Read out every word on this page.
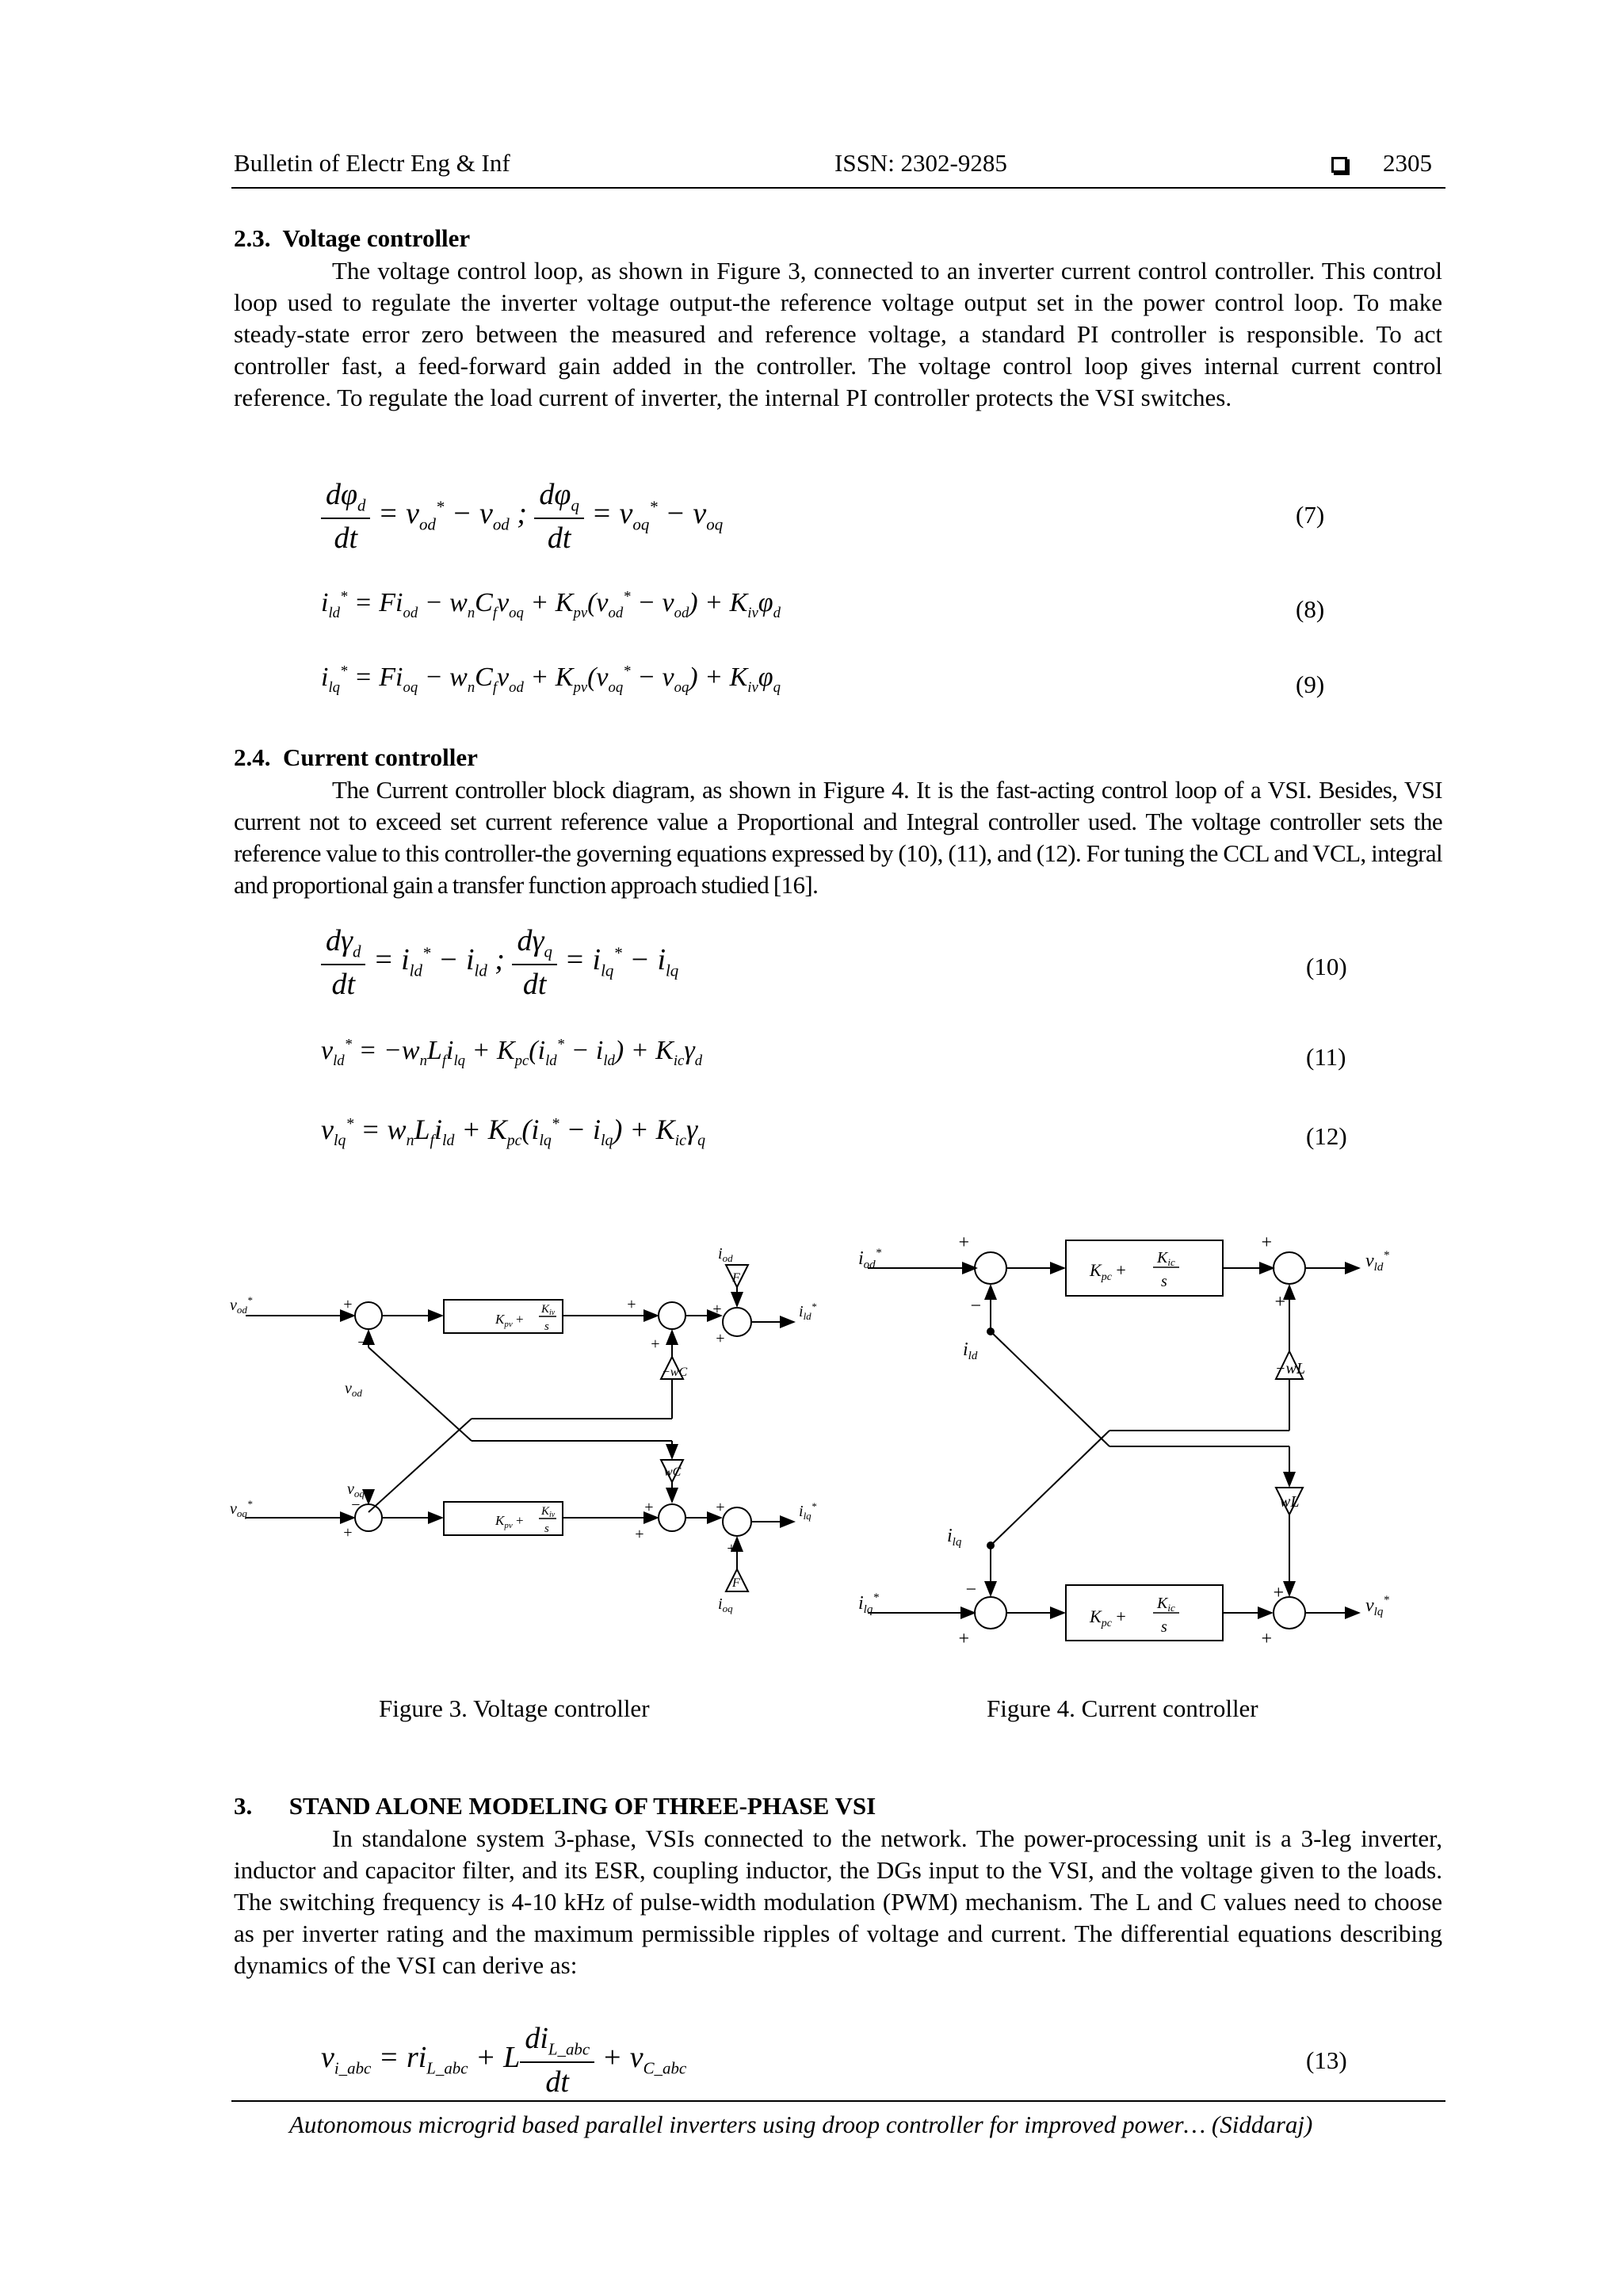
Bulletin of Electr Eng & Inf	ISSN: 2302-9285	2305
2.3.  Voltage controller

The voltage control loop, as shown in Figure 3, connected to an inverter current control controller. This control loop used to regulate the inverter voltage output-the reference voltage output set in the power control loop. To make steady-state error zero between the measured and reference voltage, a standard PI controller is responsible. To act controller fast, a feed-forward gain added in the controller. The voltage control loop gives internal current control reference. To regulate the load current of inverter, the internal PI controller protects the VSI switches.

$\frac{d\varphi_d}{dt} = v_{od}^* - v_{od}$ ; $\frac{d\varphi_q}{dt} = v_{oq}^* - v_{oq}$	(7)
$i_{ld}^* = Fi_{od} - w_nC_fv_{oq} + K_{pv}(v_{od}^* - v_{od}) + K_{iv}\varphi_d$	(8)
$i_{lq}^* = Fi_{oq} - w_nC_fv_{od} + K_{pv}(v_{oq}^* - v_{oq}) + K_{iv}\varphi_q$	(9)
2.4.  Current controller

The Current controller block diagram, as shown in Figure 4. It is the fast-acting control loop of a VSI. Besides, VSI current not to exceed set current reference value a Proportional and Integral controller used. The voltage controller sets the reference value to this controller-the governing equations expressed by (10), (11), and (12). For tuning the CCL and VCL, integral and proportional gain a transfer function approach studied [16].

$\frac{d\gamma_d}{dt} = i_{ld}^* - i_{ld}$ ; $\frac{d\gamma_q}{dt} = i_{lq}^* - i_{lq}$	(10)
$v_{ld}^* = -w_nL_fi_{lq} + K_{pc}(i_{ld}^* - i_{ld}) + K_{ic}\gamma_d$	(11)
$v_{lq}^* = w_nL_fi_{ld} + K_{pc}(i_{lq}^* - i_{lq}) + K_{ic}\gamma_q$	(12)
$v_{od}^*$	+
−
$v_{od}$
$K_{pv}$ +
$K_{iv}$
s
+
+
−wC
$i_{od}$
F
+
+
$i_{ld}^*$
$v_{oq}$
wC
$v_{oq}^*$	−
+
$K_{pv}$ +
$K_{iv}$
s
+
+
+
+
F
$i_{oq}$
$i_{lq}^*$
$i_{od}^*$	+
−
$i_{ld}$
$K_{pc}$ +
$K_{ic}$
s
+
+
−wL
$v_{ld}^*$
$i_{lq}$
wL
$i_{lq}^*$	−
+
$K_{pc}$ +
$K_{ic}$
s
+
+
$v_{lq}^*$
Figure 3. Voltage controller	Figure 4. Current controller
3.      STAND ALONE MODELING OF THREE-PHASE VSI

In standalone system 3-phase, VSIs connected to the network. The power-processing unit is a 3-leg inverter, inductor and capacitor filter, and its ESR, coupling inductor, the DGs input to the VSI, and the voltage given to the loads. The switching frequency is 4-10 kHz of pulse-width modulation (PWM) mechanism. The L and C values need to choose as per inverter rating and the maximum permissible ripples of voltage and current. The differential equations describing dynamics of the VSI can derive as:

$v_{i\_abc} = ri_{L\_abc} + L \frac{di_{L\_abc}}{dt} + v_{C\_abc}$	(13)
Autonomous microgrid based parallel inverters using droop controller for improved power… (Siddaraj)
